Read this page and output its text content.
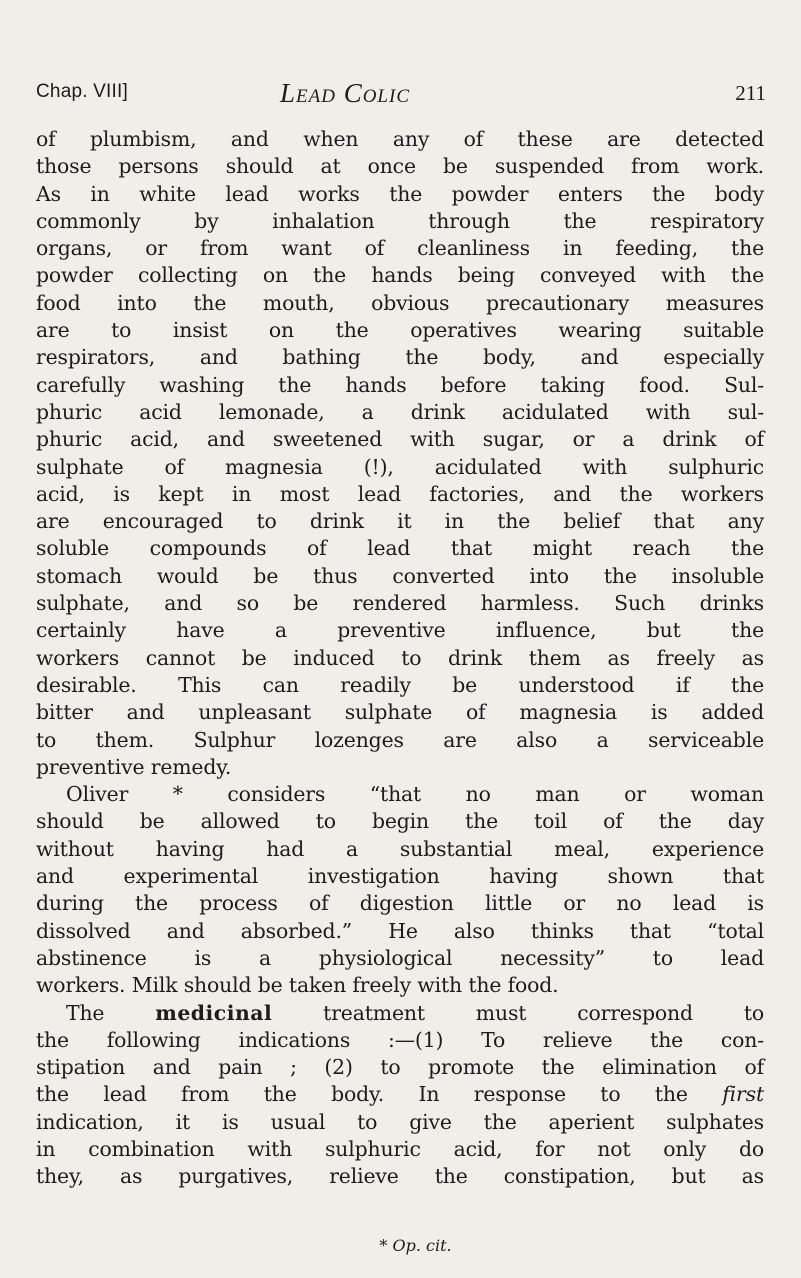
Chap. VIII]	Lead Colic	211
of plumbism, and when any of these are detected
those persons should at once be suspended from work.
As in white lead works the powder enters the body
commonly by inhalation through the respiratory
organs, or from want of cleanliness in feeding, the
powder collecting on the hands being conveyed with the
food into the mouth, obvious precautionary measures
are to insist on the operatives wearing suitable
respirators, and bathing the body, and especially
carefully washing the hands before taking food. Sul-
phuric acid lemonade, a drink acidulated with sul-
phuric acid, and sweetened with sugar, or a drink of
sulphate of magnesia (!), acidulated with sulphuric
acid, is kept in most lead factories, and the workers
are encouraged to drink it in the belief that any
soluble compounds of lead that might reach the
stomach would be thus converted into the insoluble
sulphate, and so be rendered harmless. Such drinks
certainly have a preventive influence, but the
workers cannot be induced to drink them as freely as
desirable. This can readily be understood if the
bitter and unpleasant sulphate of magnesia is added
to them. Sulphur lozenges are also a serviceable
preventive remedy.
Oliver * considers “that no man or woman
should be allowed to begin the toil of the day
without having had a substantial meal, experience
and experimental investigation having shown that
during the process of digestion little or no lead is
dissolved and absorbed.” He also thinks that “total
abstinence is a physiological necessity” to lead
workers. Milk should be taken freely with the food.
The medicinal treatment must correspond to
the following indications :—(1) To relieve the con-
stipation and pain ; (2) to promote the elimination of
the lead from the body. In response to the first
indication, it is usual to give the aperient sulphates
in combination with sulphuric acid, for not only do
they, as purgatives, relieve the constipation, but as
* Op. cit.
